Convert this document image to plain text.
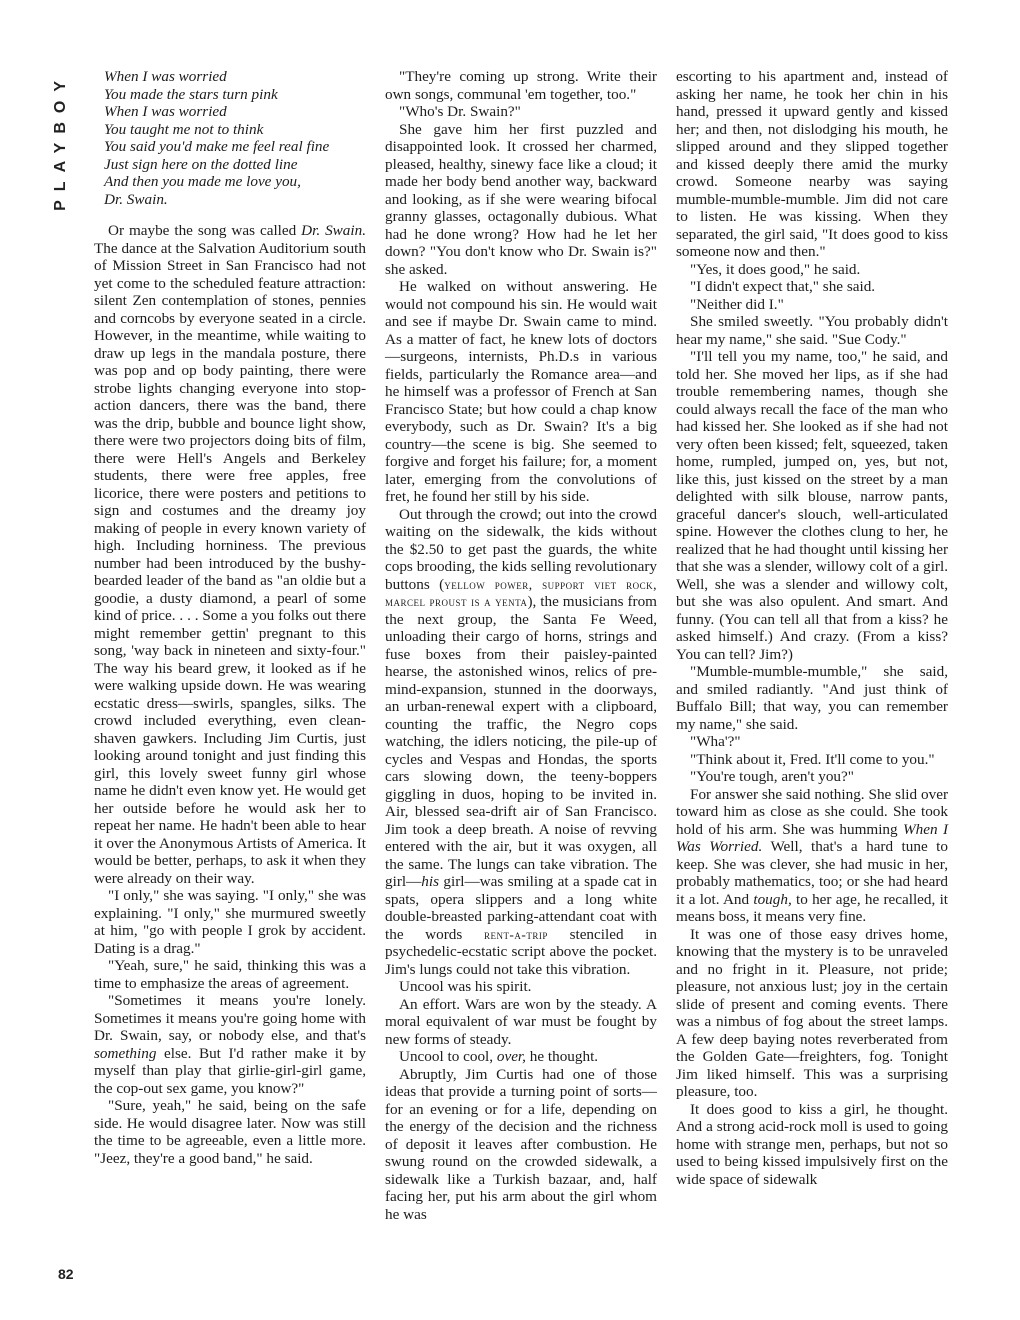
PLAYBOY
82
When I was worried
You made the stars turn pink
When I was worried
You taught me not to think
You said you'd make me feel real fine
Just sign here on the dotted line
And then you made me love you,
Dr. Swain.

Or maybe the song was called Dr. Swain. The dance at the Salvation Auditorium south of Mission Street in San Francisco had not yet come to the scheduled feature attraction: silent Zen contemplation of stones, pennies and corncobs by everyone seated in a circle. However, in the meantime, while waiting to draw up legs in the mandala posture, there was pop and op body painting, there were strobe lights changing everyone into stop-action dancers, there was the band, there was the drip, bubble and bounce light show, there were two projectors doing bits of film, there were Hell's Angels and Berkeley students, there were free apples, free licorice, there were posters and petitions to sign and costumes and the dreamy joy making of people in every known variety of high. Including horniness. The previous number had been introduced by the bushy-bearded leader of the band as "an oldie but a goodie, a dusty diamond, a pearl of some kind of price. . . . Some a you folks out there might remember gettin' pregnant to this song, 'way back in nineteen and sixty-four." The way his beard grew, it looked as if he were walking upside down. He was wearing ecstatic dress—swirls, spangles, silks. The crowd included everything, even clean-shaven gawkers. Including Jim Curtis, just looking around tonight and just finding this girl, this lovely sweet funny girl whose name he didn't even know yet. He would get her outside before he would ask her to repeat her name. He hadn't been able to hear it over the Anonymous Artists of America. It would be better, perhaps, to ask it when they were already on their way.

"I only," she was saying. "I only," she was explaining. "I only," she murmured sweetly at him, "go with people I grok by accident. Dating is a drag."

"Yeah, sure," he said, thinking this was a time to emphasize the areas of agreement.

"Sometimes it means you're lonely. Sometimes it means you're going home with Dr. Swain, say, or nobody else, and that's something else. But I'd rather make it by myself than play that girlie-girl-girl game, the cop-out sex game, you know?"

"Sure, yeah," he said, being on the safe side. He would disagree later. Now was still the time to be agreeable, even a little more. "Jeez, they're a good band," he said.

"They're coming up strong. Write their own songs, communal 'em together, too."

"Who's Dr. Swain?"

She gave him her first puzzled and disappointed look. It crossed her charmed, pleased, healthy, sinewy face like a cloud; it made her body bend another way, backward and looking, as if she were wearing bifocal granny glasses, octagonally dubious. What had he done wrong? How had he let her down? "You don't know who Dr. Swain is?" she asked.

He walked on without answering. He would not compound his sin. He would wait and see if maybe Dr. Swain came to mind. As a matter of fact, he knew lots of doctors—surgeons, internists, Ph.D.s in various fields, particularly the Romance area—and he himself was a professor of French at San Francisco State; but how could a chap know everybody, such as Dr. Swain? It's a big country—the scene is big. She seemed to forgive and forget his failure; for, a moment later, emerging from the convolutions of fret, he found her still by his side.

Out through the crowd; out into the crowd waiting on the sidewalk, the kids without the $2.50 to get past the guards, the white cops brooding, the kids selling revolutionary buttons (yellow power, support viet rock, marcel proust is a yenta), the musicians from the next group, the Santa Fe Weed, unloading their cargo of horns, strings and fuse boxes from their paisley-painted hearse, the astonished winos, relics of pre-mind-expansion, stunned in the doorways, an urban-renewal expert with a clipboard, counting the traffic, the Negro cops watching, the idlers noticing, the pile-up of cycles and Vespas and Hondas, the sports cars slowing down, the teeny-boppers giggling in duos, hoping to be invited in. Air, blessed sea-drift air of San Francisco. Jim took a deep breath. A noise of revving entered with the air, but it was oxygen, all the same. The lungs can take vibration. The girl—his girl—was smiling at a spade cat in spats, opera slippers and a long white double-breasted parking-attendant coat with the words rent-a-trip stenciled in psychedelic-ecstatic script above the pocket. Jim's lungs could not take this vibration.

Uncool was his spirit.

An effort. Wars are won by the steady. A moral equivalent of war must be fought by new forms of steady.

Uncool to cool, over, he thought.

Abruptly, Jim Curtis had one of those ideas that provide a turning point of sorts—for an evening or for a life, depending on the energy of the decision and the richness of deposit it leaves after combustion. He swung round on the crowded sidewalk, a sidewalk like a Turkish bazaar, and, half facing her, put his arm about the girl whom he was

escorting to his apartment and, instead of asking her name, he took her chin in his hand, pressed it upward gently and kissed her; and then, not dislodging his mouth, he slipped around and they slipped together and kissed deeply there amid the murky crowd. Someone nearby was saying mumble-mumble-mumble. Jim did not care to listen. He was kissing. When they separated, the girl said, "It does good to kiss someone now and then."

"Yes, it does good," he said.

"I didn't expect that," she said.

"Neither did I."

She smiled sweetly. "You probably didn't hear my name," she said. "Sue Cody."

"I'll tell you my name, too," he said, and told her. She moved her lips, as if she had trouble remembering names, though she could always recall the face of the man who had kissed her. She looked as if she had not very often been kissed; felt, squeezed, taken home, rumpled, jumped on, yes, but not, like this, just kissed on the street by a man delighted with silk blouse, narrow pants, graceful dancer's slouch, well-articulated spine. However the clothes clung to her, he realized that he had thought until kissing her that she was a slender, willowy colt of a girl. Well, she was a slender and willowy colt, but she was also opulent. And smart. And funny. (You can tell all that from a kiss? he asked himself.) And crazy. (From a kiss? You can tell? Jim?)

"Mumble-mumble-mumble," she said, and smiled radiantly. "And just think of Buffalo Bill; that way, you can remember my name," she said.

"Wha'?"

"Think about it, Fred. It'll come to you."

"You're tough, aren't you?"

For answer she said nothing. She slid over toward him as close as she could. She took hold of his arm. She was humming When I Was Worried. Well, that's a hard tune to keep. She was clever, she had music in her, probably mathematics, too; or she had heard it a lot. And tough, to her age, he recalled, it means boss, it means very fine.

It was one of those easy drives home, knowing that the mystery is to be unraveled and no fright in it. Pleasure, not pride; pleasure, not anxious lust; joy in the certain slide of present and coming events. There was a nimbus of fog about the street lamps. A few deep baying notes reverberated from the Golden Gate—freighters, fog. Tonight Jim liked himself. This was a surprising pleasure, too.

It does good to kiss a girl, he thought. And a strong acid-rock moll is used to going home with strange men, perhaps, but not so used to being kissed impulsively first on the wide space of sidewalk
